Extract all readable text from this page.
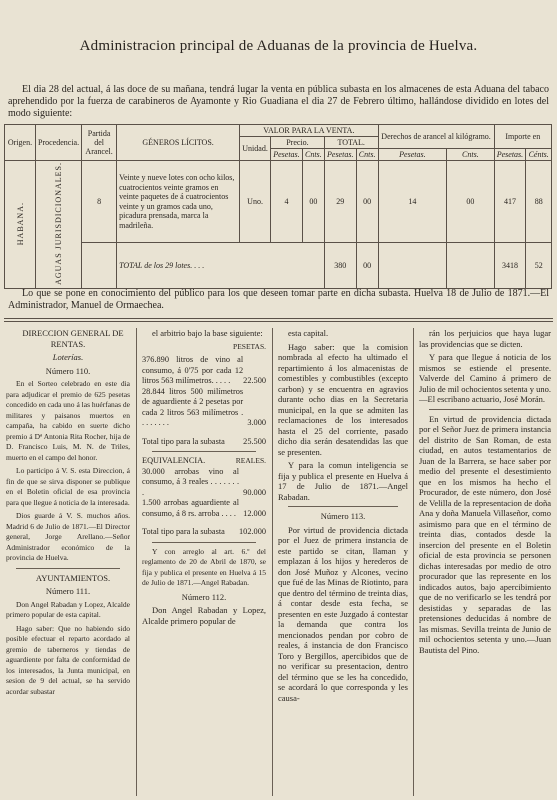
Administracion principal de Aduanas de la provincia de Huelva.
El dia 28 del actual, á las doce de su mañana, tendrá lugar la venta en pública subasta en los almacenes de esta Aduana del tabaco aprehendido por la fuerza de carabineros de Ayamonte y Rio Guadiana el dia 27 de Febrero último, hallándose dividido en lotes del modo siguiente:
Origen.	Procedencia.	Partida del Arancel.	GÉNEROS LÍCITOS.	VALOR PARA LA VENTA.					Derechos de arancel al kilógramo.		Importe en	
				Unidad.	Precio.		TOTAL.					
					Pesetas.	Cnts.	Pesetas.	Cnts.	Pesetas.	Cnts.	Pesetas.	Cénts.
HABANA.	AGUAS JURISDICIONALES.	8	Veinte y nueve lotes con ocho kilos, cuatrocientos veinte gramos en veinte paquetes de á cuatrocientos veinte y un gramos cada uno, picadura prensada, marca la madrileña.	Uno.	4	00	29	00	14	00	417	88
			TOTAL de los 29 lotes. . . .				380	00			3418	52
Lo que se pone en conocimiento del público para los que deseen tomar parte en dicha subasta. Huelva 18 de Julio de 1871.—El Administrador, Manuel de Ormaechea.

DIRECCION GENERAL DE RENTAS.

Loterías.

Número 110.

En el Sorteo celebrado en este dia para adjudicar el premio de 625 pesetas concedido en cada uno á las huérfanas de militares y paisanos muertos en campaña, ha cabido en suerte dicho premio á Dª Antonia Rita Rocher, hija de D. Francisco Luis, M. N. de Triles, muerto en el campo del honor.

Lo participo á V. S. esta Direccion, á fin de que se sirva disponer se publique en el Boletin oficial de esa provincia para que llegue á noticia de la interesada.

Dios guarde á V. S. muchos años. Madrid 6 de Julio de 1871.—El Director general, Jorge Arellano.—Señor Administrador económico de la provincia de Huelva.

AYUNTAMIENTOS.

Número 111.

Don Angel Rabadan y Lopez, Alcalde primero popular de esta capital.

Hago saber: Que no habiendo sido posible efectuar el reparto acordado al gremio de taberneros y tiendas de aguardiente por falta de conformidad de los interesados, la Junta municipal, en sesion de 9 del actual, se ha servido acordar subastar

el arbitrio bajo la base siguiente:

PESETAS.

376.890 litros de vino al consumo, á 0'75 por cada 12 litros 563 milímetros. . . . .	22.500
28.844 litros 500 milímetros de aguardiente á 2 pesetas por cada 2 litros 563 milímetros . . . . . . . .	3.000
Total tipo para la subasta	25.500
EQUIVALENCIA.	REALES.
30.000 arrobas vino al consumo, á 3 reales . . . . . . . .	90.000
1.500 arrobas aguardiente al consumo, á 8 rs. arroba . . . .	12.000
Total tipo para la subasta	102.000

Y con arreglo al art. 6.º del reglamento de 20 de Abril de 1870, se fija y publica el presente en Huelva á 15 de Julio de 1871.—Angel Rabadan.

Número 112.

Don Angel Rabadan y Lopez, Alcalde primero popular de

esta capital.

Hago saber: que la comision nombrada al efecto ha ultimado el repartimiento á los almacenistas de comestibles y combustibles (excepto carbon) y se encuentra en agravios durante ocho dias en la Secretaria municipal, en la que se admiten las reclamaciones de los interesados hasta el 25 del corriente, pasado dicho dia serán desatendidas las que se presenten.

Y para la comun inteligencia se fija y publica el presente en Huelva á 17 de Julio de 1871.—Angel Rabadan.

Número 113.

Por virtud de providencia dictada por el Juez de primera instancia de este partido se citan, llaman y emplazan á los hijos y herederos de don José Muñoz y Alcones, vecino que fué de las Minas de Riotinto, para que dentro del término de treinta dias, á contar desde esta fecha, se presenten en este Juzgado á contestar la demanda que contra los mencionados pendan por cobro de reales, á instancia de don Francisco Toro y Bergillos, apercibidos que de no verificar su presentacion, dentro del término que se les ha concedido, se acordará lo que corresponda y les causa-

rán los perjuicios que haya lugar las providencias que se dicten.

Y para que llegue á noticia de los mismos se estiende el presente. Valverde del Camino á primero de Julio de mil ochocientos setenta y uno.—El escribano actuario, José Morán.

En virtud de providencia dictada por el Señor Juez de primera instancia del distrito de San Roman, de esta ciudad, en autos testamentarios de Juan de la Barrera, se hace saber por medio del presente el desestimiento que en los mismos ha hecho el Procurador, de este número, don José de Velilla de la representacion de doña Ana y doña Manuela Villaseñor, como asimismo para que en el término de treinta dias, contados desde la insercion del presente en el Boletin oficial de esta provincia se personen dichas interesadas por medio de otro procurador que las represente en los indicados autos, bajo apercibimiento que de no verificarlo se les tendrá por desistidas y separadas de las pretensiones deducidas á nombre de las mismas. Sevilla treinta de Junio de mil ochocientos setenta y uno.—Juan Bautista del Pino.
